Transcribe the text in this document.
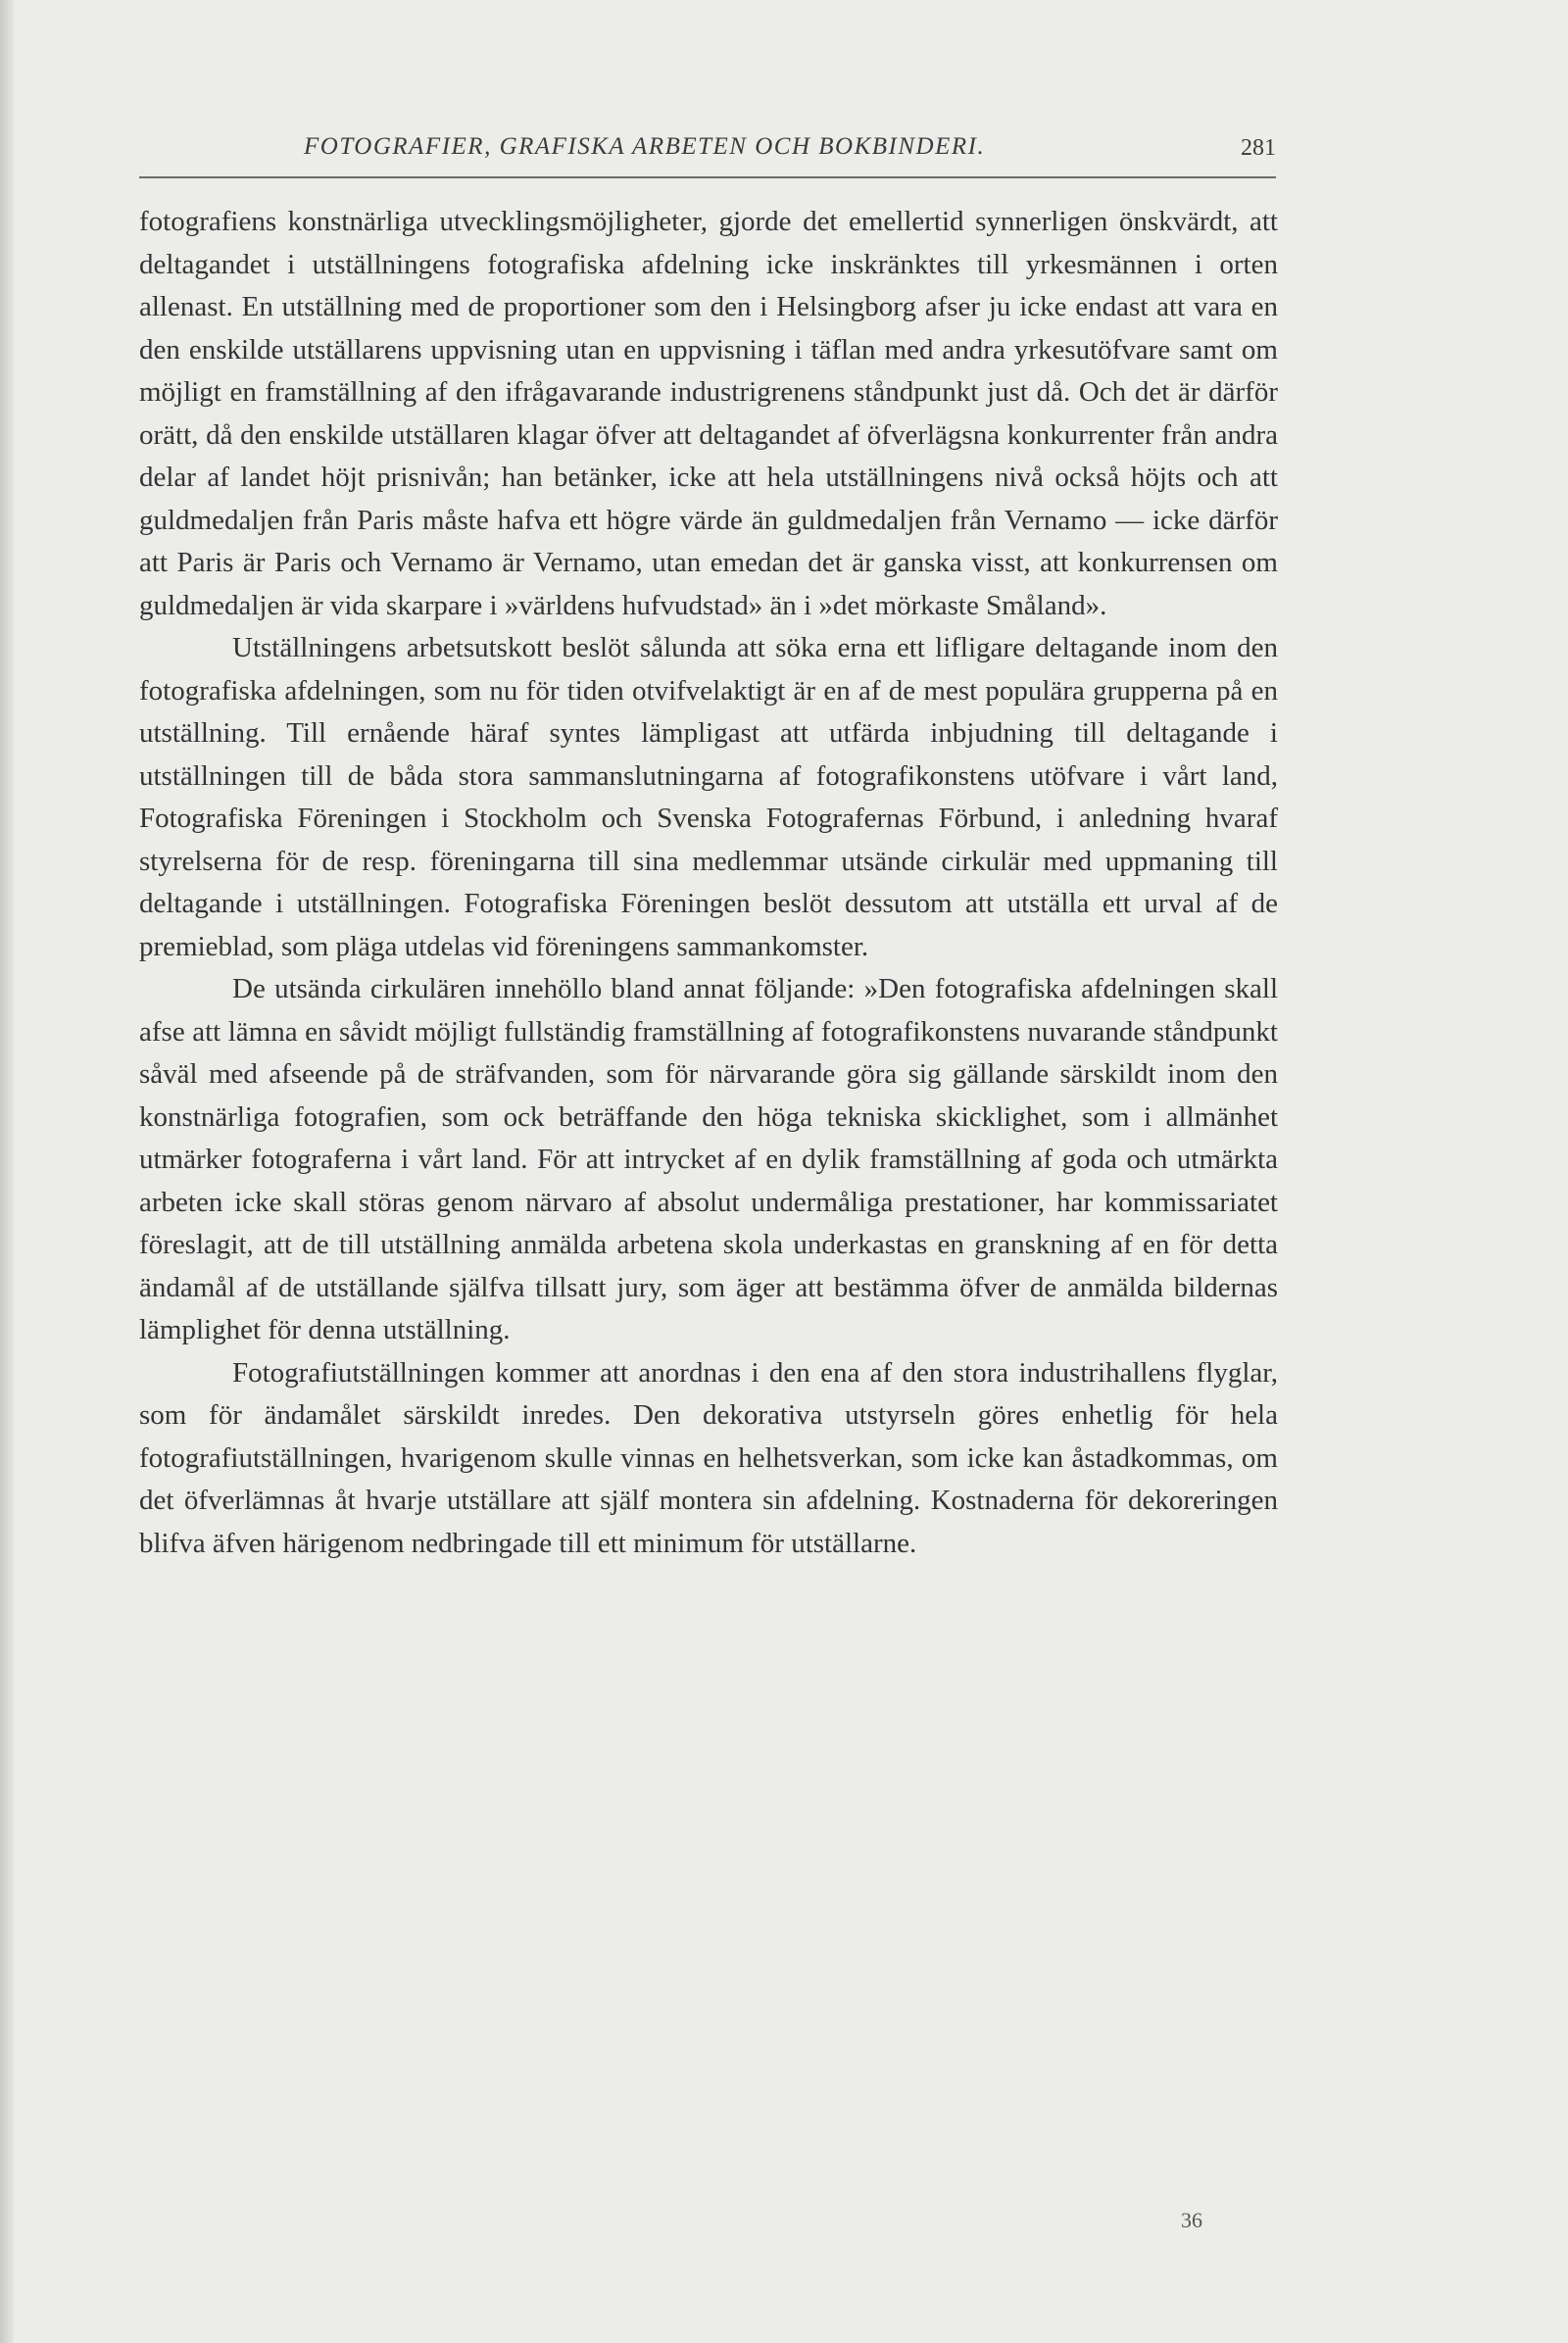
FOTOGRAFIER, GRAFISKA ARBETEN OCH BOKBINDERI.	281

fotografiens konstnärliga utvecklingsmöjligheter, gjorde det emellertid synnerligen önskvärdt, att deltagandet i utställningens fotografiska afdelning icke inskränktes till yrkesmännen i orten allenast. En utställning med de proportioner som den i Helsingborg afser ju icke endast att vara en den enskilde utställarens uppvisning utan en uppvisning i täflan med andra yrkesutöfvare samt om möjligt en framställning af den ifrågavarande industrigrenens ståndpunkt just då. Och det är därför orätt, då den enskilde utställaren klagar öfver att deltagandet af öfverlägsna konkurrenter från andra delar af landet höjt prisnivån; han betänker, icke att hela utställningens nivå också höjts och att guldmedaljen från Paris måste hafva ett högre värde än guldmedaljen från Vernamo — icke därför att Paris är Paris och Vernamo är Vernamo, utan emedan det är ganska visst, att konkurrensen om guldmedaljen är vida skarpare i »världens hufvudstad» än i »det mörkaste Småland».

Utställningens arbetsutskott beslöt sålunda att söka erna ett lifligare deltagande inom den fotografiska afdelningen, som nu för tiden otvifvelaktigt är en af de mest populära grupperna på en utställning. Till ernående häraf syntes lämpligast att utfärda inbjudning till deltagande i utställningen till de båda stora sammanslutningarna af fotografikonstens utöfvare i vårt land, Fotografiska Föreningen i Stockholm och Svenska Fotografernas Förbund, i anledning hvaraf styrelserna för de resp. föreningarna till sina medlemmar utsände cirkulär med uppmaning till deltagande i utställningen. Fotografiska Föreningen beslöt dessutom att utställa ett urval af de premieblad, som pläga utdelas vid föreningens sammankomster.

De utsända cirkulären innehöllo bland annat följande: »Den fotografiska afdelningen skall afse att lämna en såvidt möjligt fullständig framställning af fotografikonstens nuvarande ståndpunkt såväl med afseende på de sträfvanden, som för närvarande göra sig gällande särskildt inom den konstnärliga fotografien, som ock beträffande den höga tekniska skicklighet, som i allmänhet utmärker fotograferna i vårt land. För att intrycket af en dylik framställning af goda och utmärkta arbeten icke skall störas genom närvaro af absolut undermåliga prestationer, har kommissariatet föreslagit, att de till utställning anmälda arbetena skola underkastas en granskning af en för detta ändamål af de utställande själfva tillsatt jury, som äger att bestämma öfver de anmälda bildernas lämplighet för denna utställning.

Fotografiutställningen kommer att anordnas i den ena af den stora industrihallens flyglar, som för ändamålet särskildt inredes. Den dekorativa utstyrseln göres enhetlig för hela fotografiutställningen, hvarigenom skulle vinnas en helhetsverkan, som icke kan åstadkommas, om det öfverlämnas åt hvarje utställare att själf montera sin afdelning. Kostnaderna för dekoreringen blifva äfven härigenom nedbringade till ett minimum för utställarne.

36
